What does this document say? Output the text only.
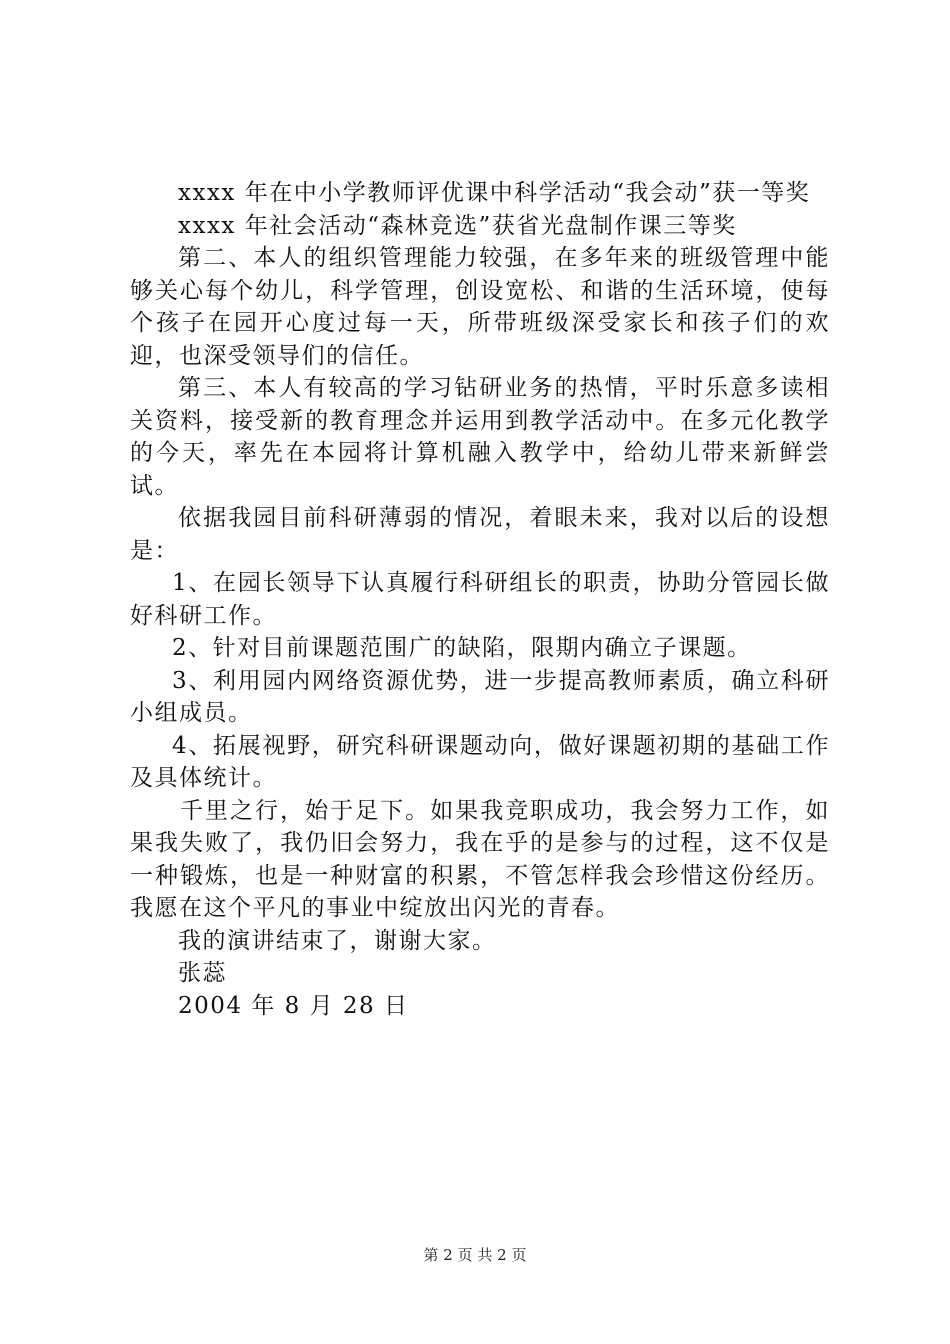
xxxx 年在中小学教师评优课中科学活动“我会动”获一等奖

xxxx 年社会活动“森林竞选”获省光盘制作课三等奖

第二、本人的组织管理能力较强，在多年来的班级管理中能够关心每个幼儿，科学管理，创设宽松、和谐的生活环境，使每个孩子在园开心度过每一天，所带班级深受家长和孩子们的欢迎，也深受领导们的信任。

第三、本人有较高的学习钻研业务的热情，平时乐意多读相关资料，接受新的教育理念并运用到教学活动中。在多元化教学的今天，率先在本园将计算机融入教学中，给幼儿带来新鲜尝试。

依据我园目前科研薄弱的情况，着眼未来，我对以后的设想是：

1、在园长领导下认真履行科研组长的职责，协助分管园长做好科研工作。

2、针对目前课题范围广的缺陷，限期内确立子课题。

3、利用园内网络资源优势，进一步提高教师素质，确立科研小组成员。

4、拓展视野，研究科研课题动向，做好课题初期的基础工作及具体统计。

千里之行，始于足下。如果我竞职成功，我会努力工作，如果我失败了，我仍旧会努力，我在乎的是参与的过程，这不仅是一种锻炼，也是一种财富的积累，不管怎样我会珍惜这份经历。我愿在这个平凡的事业中绽放出闪光的青春。

我的演讲结束了，谢谢大家。

张蕊

2004 年 8 月 28 日

第 2 页 共 2 页
